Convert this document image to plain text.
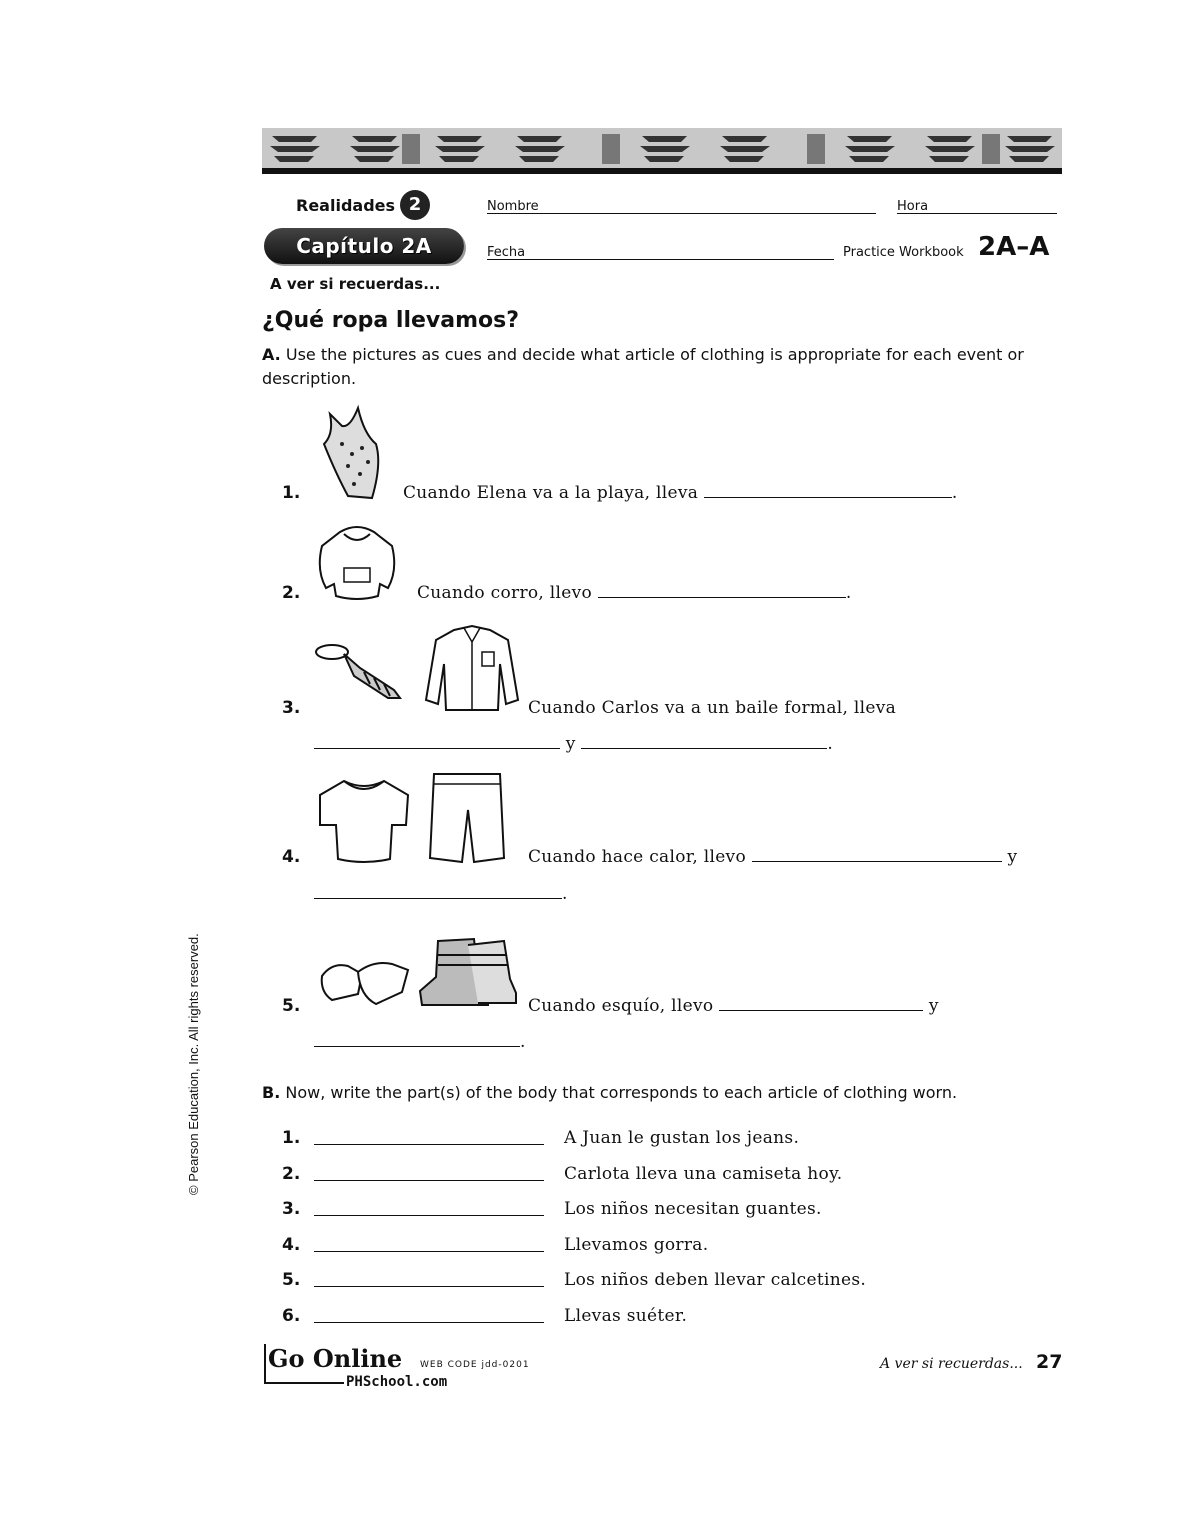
Realidades 2
Capítulo 2A
A ver si recuerdas...
Nombre	Hora
Fecha	Practice Workbook 2A–A
¿Qué ropa llevamos?
A. Use the pictures as cues and decide what article of clothing is appropriate for each event or description.
1.	Cuando Elena va a la playa, lleva	.
2.	Cuando corro, llevo	.
3.	Cuando Carlos va a un baile formal, lleva
y	.
4.	Cuando hace calor, llevo	y
.
5.	Cuando esquío, llevo	y
.
B. Now, write the part(s) of the body that corresponds to each article of clothing worn.
1.	A Juan le gustan los jeans.
2.	Carlota lleva una camiseta hoy.
3.	Los niños necesitan guantes.
4.	Llevamos gorra.
5.	Los niños deben llevar calcetines.
6.	Llevas suéter.
© Pearson Education, Inc. All rights reserved.
Go Online WEB CODE jdd-0201
PHSchool.com
A ver si recuerdas... 27
